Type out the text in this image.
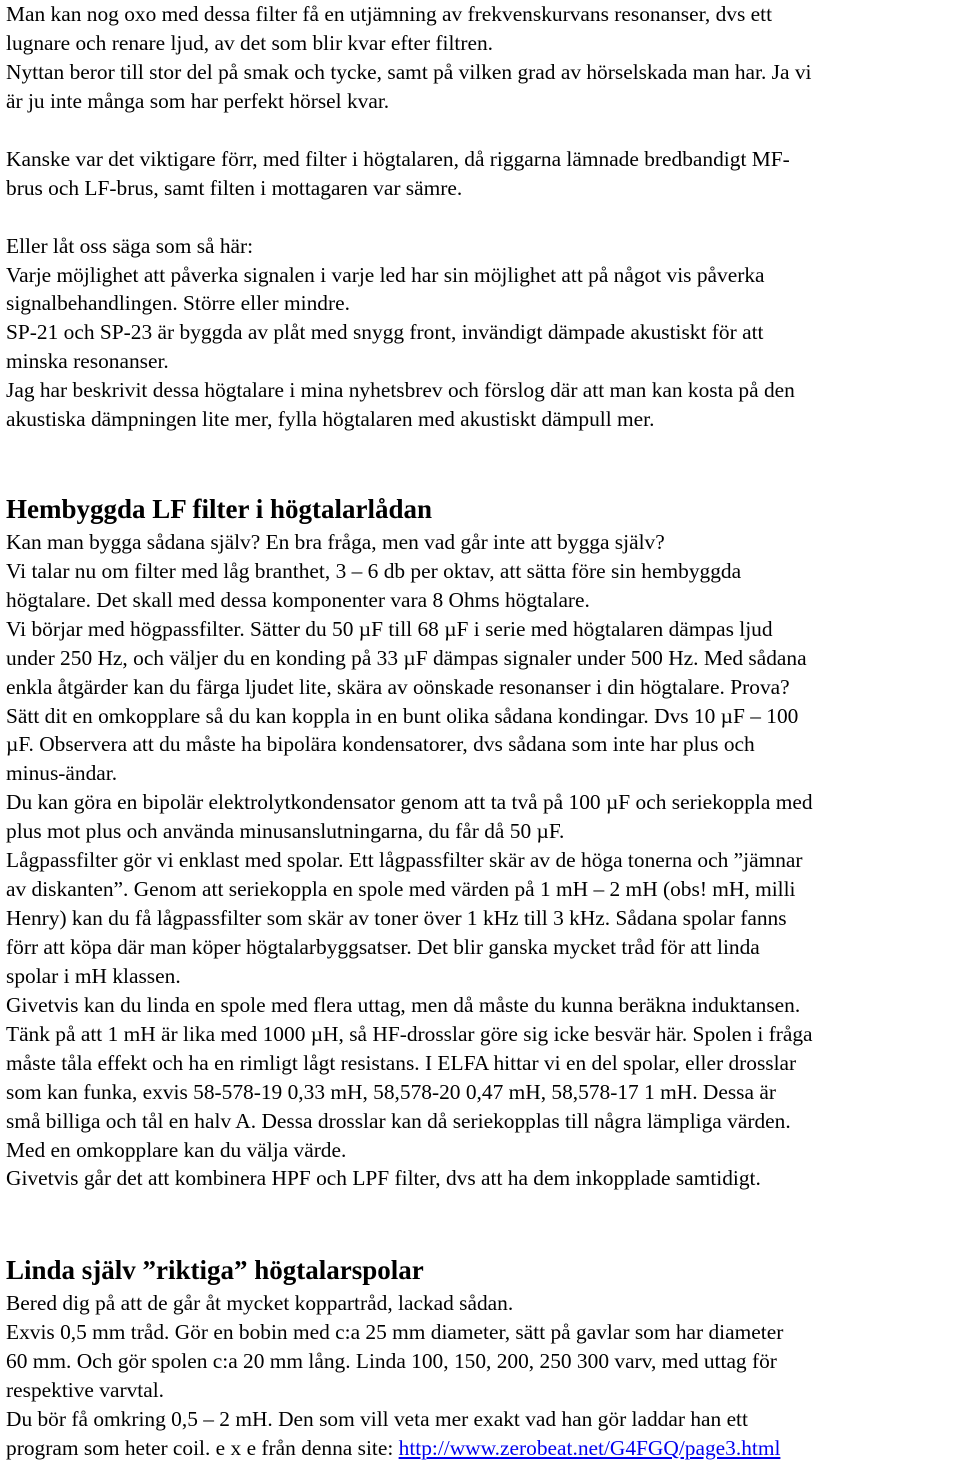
Man kan nog oxo med dessa filter få en utjämning av frekvenskurvans resonanser, dvs ett
lugnare och renare ljud, av det som blir kvar efter filtren.
Nyttan beror till stor del på smak och tycke, samt på vilken grad av hörselskada man har. Ja vi
är ju inte många som har perfekt hörsel kvar.
Kanske var det viktigare förr, med filter i högtalaren, då riggarna lämnade bredbandigt MF-
brus och LF-brus, samt filten i mottagaren var sämre.
Eller låt oss säga som så här:
Varje möjlighet att påverka signalen i varje led har sin möjlighet att på något vis påverka
signalbehandlingen. Större eller mindre.
SP-21 och SP-23 är byggda av plåt med snygg front, invändigt dämpade akustiskt för att
minska resonanser.
Jag har beskrivit dessa högtalare i mina nyhetsbrev och förslog där att man kan kosta på den
akustiska dämpningen lite mer, fylla högtalaren med akustiskt dämpull mer.
Hembyggda LF filter i högtalarlådan
Kan man bygga sådana själv? En bra fråga, men vad går inte att bygga själv?
Vi talar nu om filter med låg branthet, 3 – 6 db per oktav, att sätta före sin hembyggda
högtalare. Det skall med dessa komponenter vara 8 Ohms högtalare.
Vi börjar med högpassfilter. Sätter du 50 µF till 68 µF i serie med högtalaren dämpas ljud
under 250 Hz, och väljer du en konding på 33 µF dämpas signaler under 500 Hz. Med sådana
enkla åtgärder kan du färga ljudet lite, skära av oönskade resonanser i din högtalare. Prova?
Sätt dit en omkopplare så du kan koppla in en bunt olika sådana kondingar. Dvs 10 µF – 100
µF. Observera att du måste ha bipolära kondensatorer, dvs sådana som inte har plus och
minus-ändar.
Du kan göra en bipolär elektrolytkondensator genom att ta två på 100 µF och seriekoppla med
plus mot plus och använda minusanslutningarna, du får då 50 µF.
Lågpassfilter gör vi enklast med spolar. Ett lågpassfilter skär av de höga tonerna och ”jämnar
av diskanten”. Genom att seriekoppla en spole med värden på 1 mH – 2 mH (obs! mH, milli
Henry) kan du få lågpassfilter som skär av toner över 1 kHz till 3 kHz. Sådana spolar fanns
förr att köpa där man köper högtalarbyggsatser. Det blir ganska mycket tråd för att linda
spolar i mH klassen.
Givetvis kan du linda en spole med flera uttag, men då måste du kunna beräkna induktansen.
Tänk på att 1 mH är lika med 1000 µH, så HF-drosslar göre sig icke besvär här. Spolen i fråga
måste tåla effekt och ha en rimligt lågt resistans. I ELFA hittar vi en del spolar, eller drosslar
som kan funka, exvis 58-578-19 0,33 mH, 58,578-20 0,47 mH, 58,578-17 1 mH. Dessa är
små billiga och tål en halv A. Dessa drosslar kan då seriekopplas till några lämpliga värden.
Med en omkopplare kan du välja värde.
Givetvis går det att kombinera HPF och LPF filter, dvs att ha dem inkopplade samtidigt.
Linda själv ”riktiga” högtalarspolar
Bered dig på att de går åt mycket koppartråd, lackad sådan.
Exvis 0,5 mm tråd. Gör en bobin med c:a 25 mm diameter, sätt på gavlar som har diameter
60 mm. Och gör spolen c:a 20 mm lång. Linda 100, 150, 200, 250 300 varv, med uttag för
respektive varvtal.
Du bör få omkring 0,5 – 2 mH. Den som vill veta mer exakt vad han gör laddar han ett
program som heter coil. e x e från denna site: http://www.zerobeat.net/G4FGQ/page3.html
